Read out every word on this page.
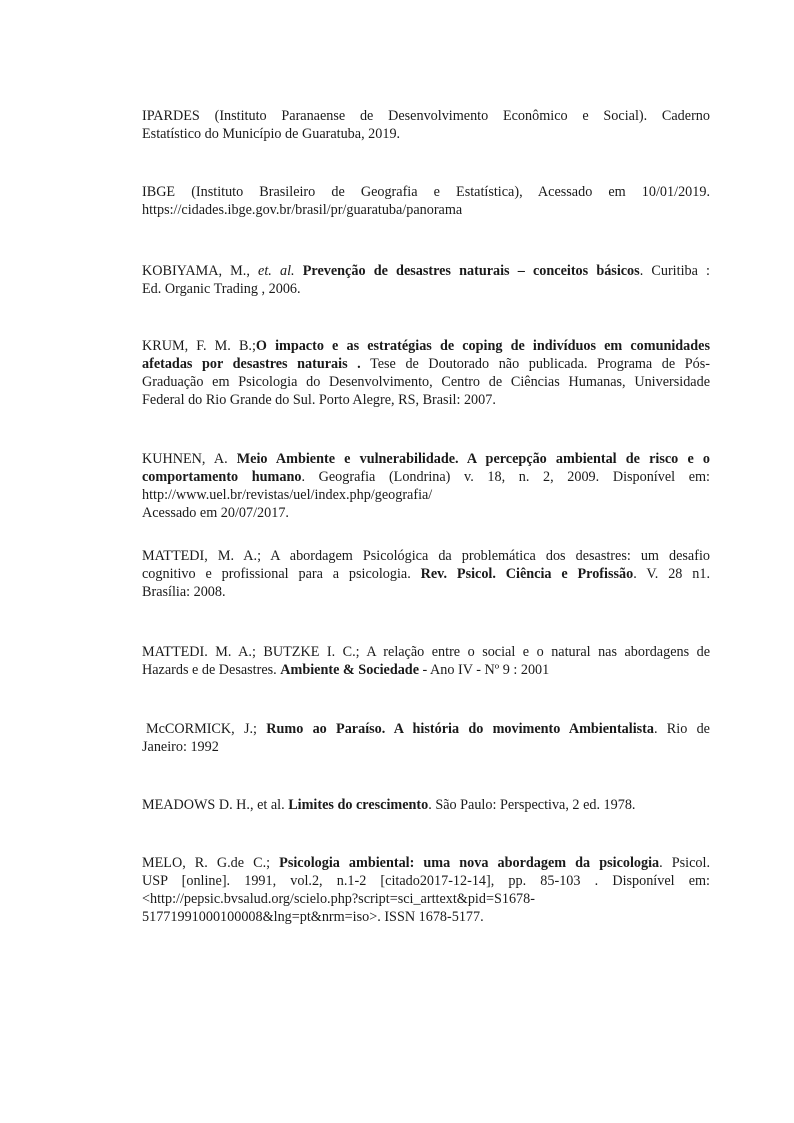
IPARDES (Instituto Paranaense de Desenvolvimento Econômico e Social). Caderno
Estatístico do Município de Guaratuba, 2019.
IBGE (Instituto Brasileiro de Geografia e Estatística), Acessado em 10/01/2019.
https://cidades.ibge.gov.br/brasil/pr/guaratuba/panorama
KOBIYAMA, M., et. al. Prevenção de desastres naturais – conceitos básicos. Curitiba :
Ed. Organic Trading , 2006.
KRUM, F. M. B.;O impacto e as estratégias de coping de indivíduos em comunidades
afetadas por desastres naturais . Tese de Doutorado não publicada. Programa de Pós-
Graduação em Psicologia do Desenvolvimento, Centro de Ciências Humanas, Universidade
Federal do Rio Grande do Sul. Porto Alegre, RS, Brasil: 2007.
KUHNEN, A. Meio Ambiente e vulnerabilidade. A percepção ambiental de risco e o
comportamento humano. Geografia (Londrina) v. 18, n. 2, 2009. Disponível em:
http://www.uel.br/revistas/uel/index.php/geografia/
Acessado em 20/07/2017.
MATTEDI, M. A.; A abordagem Psicológica da problemática dos desastres: um desafio
cognitivo e profissional para a psicologia. Rev. Psicol. Ciência e Profissão. V. 28 n1.
Brasília: 2008.
MATTEDI. M. A.; BUTZKE I. C.; A relação entre o social e o natural nas abordagens de
Hazards e de Desastres. Ambiente & Sociedade - Ano IV - Nº 9 : 2001
McCORMICK, J.; Rumo ao Paraíso. A história do movimento Ambientalista. Rio de
Janeiro: 1992
MEADOWS D. H., et al. Limites do crescimento. São Paulo: Perspectiva, 2 ed. 1978.
MELO, R. G.de C.; Psicologia ambiental: uma nova abordagem da psicologia. Psicol.
USP [online]. 1991, vol.2, n.1-2 [citado2017-12-14], pp. 85-103 . Disponível em:
<http://pepsic.bvsalud.org/scielo.php?script=sci_arttext&pid=S1678-
51771991000100008&lng=pt&nrm=iso>. ISSN 1678-5177.
